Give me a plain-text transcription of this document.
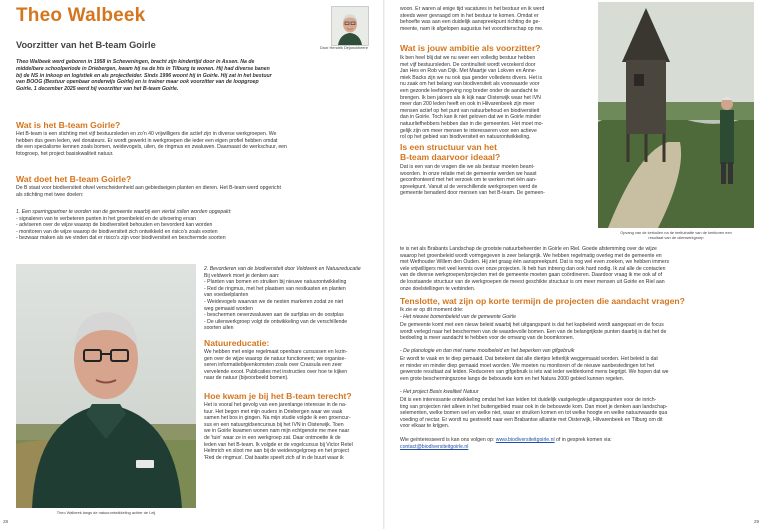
Theo Walbeek
Voorzitter van het B-team Goirle	Door Hendrik Dejonckheere
Theo Walbeek werd geboren in 1958 in Scheveningen, bracht zijn kindertijd door in Assen. Na de
middelbare schoolperiode in Driebergen, kwam hij na de hts in Tilburg te wonen. Hij had diverse banen
bij de NS in inkoop en logistiek en als projectleider. Sinds 1996 woont hij in Goirle. Hij zat in het bestuur
van BOOG (Bestuur openbaar onderwijs Goirle) en is trainer maar ook voorzitter van de loopgroep
Goirle. 1 december 2025 werd hij voorzitter van het B-team Goirle.
Wat is het B-team Goirle?
Het B-team is een stichting met vijf bestuursleden en zo'n 40 vrijwilligers die actief zijn in diverse werkgroepen. We
hebben dus geen leden, wel donateurs. Er wordt gewerkt in werkgroepen die ieder een eigen profiel hebben omdat
die een specialisme kennen zoals bomen, weidevogels, uilen, de ringmus en zwaluwen. Daarnaast de werkschuur, een
fotogroep, het project basiskwaliteit natuur.
Wat doet het B-team Goirle?
De B staat voor biodiversiteit ofwel verscheidenheid aan gebiedseigen planten en dieren. Het B-team werd opgericht
als stichting met twee doelen:
1. Een sparringpartner te worden van de gemeente waarbij een viertal rollen worden opgepakt:
- signaleren van te verbeteren punten in het groenbeleid en de uitvoering ervan
- adviseren over de wijze waarop de biodiversiteit behouden en bevorderd kan worden
- monitoren van de wijze waarop de biodiversiteit zich ontwikkeld en risico's zoals exoten
- bezwaar maken als we vinden dat er risico's zijn voor biodiversiteit en beschermde soorten
Theo Walbeek langs de natuurontwikkeling achter de Leij
2. Bevorderen van de biodiversiteit door Veldwerk en Natuureducatie
Bij veldwerk moet je denken aan:
- Planten van bomen en struiken bij nieuwe natuurontwikkeling
- Red de ringmus, met het plaatsen van nestkasten en planten
van voedselplanten
- Weidevogels waarvan we de nesten markeren zodat ze niet
weg gemaaid worden
- beschermen oeverzwaluwen aan de surfplas en de oostplas
- De uilenwerkgroep volgt de ontwikkeling van de verschillende
soorten uilen
Natuureducatie:
We hebben met enige regelmaat openbare cursussen en lezin-
gen over de wijze waarop de natuur functioneert; we organise-
seren informatiebijeenkomsten zoals over Crassula een zeer
vervelende exoot. Publicaties met instructies over hoe te kijken
naar de natuur (bijvoorbeeld bomen).
Hoe kwam je bij het B-team terecht?
Het is vooral het gevolg van een jarenlange interesse in de na-
tuur. Het begon met mijn ouders in Driebergen waar we vaak
samen het bos in gingen. Na mijn studie volgde ik een groencur-
sus en een natuurgidsencursus bij het IVN in Oisterwijk. Toen
we in Goirle kwamen wonen nam mijn echtgenote me mee naar
de 'tuin' waar ze in een werkgroep zat. Daar ontmoette ik de
leden van het B-team. Ik volgde er de vogelcursus bij Victor Retel
Helmrich en sloot me aan bij de weidevogelgroep en het project
'Red de ringmus'. Dat baatte speelt zich af in de buurt waar ik
28
woon. Er waren al enige tijd vacatures in het bestuur en ik werd
steeds weer gevraagd om in het bestuur te komen. Omdat er
behoefte was aan een duidelijk aanspreekpunt richting de ge-
meente, nam ik afgelopen augustus het voorzitterschap op me.
Wat is jouw ambitie als voorzitter?
Ik ben heel blij dat we nu weer een volledig bestuur hebben
met vijf bestuursleden. De continuïteit wordt verzekerd door
Jan Hes en Rob van Dijk. Met Maartje van Lokven en Anne-
miek Backs zijn we nu ook qua gender volledens divers. Het is
nu zaak om het belang van biodiversiteit als voorwaarde voor
een gezonde leefomgeving nog breder onder de aandacht te
brengen. Ik ben jaloers als ik kijk naar Oisterwijk waar het IVN
meer dan 200 leden heeft en ook in Hilvarenbeek zijn meer
mensen actief op het punt van natuurbehoud en biodiversiteit
dan in Goirle. Toch kan ik niet geloven dat we in Goirle minder
natuurliefhebbers hebben dan in die gemeenten. Het moet mo-
gelijk zijn om meer mensen te interesseren voor een actieve
rol op het gebied van biodiversiteit en natuurontwikkeling.
Is een structuur van het
B-team daarvoor ideaal?
Dat is een van de vragen die we als bestuur moeten beant-
woorden. In onze relatie met de gemeente werden we haast
geconfronteerd met het verzoek om te werken met één aan-
spreekpunt. Vanuit al de verschillende werkgroepen werd de
gemeente benaderd door mensen van het B-team. De gemeen-
Opvang van de kerkuilen na de teeltuinafte van de kerktoren een
resultaat van de uilenwerkgroep
te is net als Brabants Landschap de grootste natuurbeheerder in Goirle en Riel. Goede afstemming over de wijze
waarop het groenbeleid wordt vormgegeven is zeer belangrijk. We hebben regelmatig overleg met de gemeente en
met Wethouder Willem den Ouden. Hij ziet graag één aanspreekpunt. Dat is nog wel even zoeken, we hebben immers
vele vrijwilligers met veel kennis over onze projecten. Ik heb hun inbreng dan ook hard nodig. Ik zal alle de contacten
van de diverse werkgroepen/projecten met de gemeente moeten gaan coördineren. Daardoor vraag ik me ook af of
de losstaande structuur van de werkgroepen de meest geschikte structuur is om meer mensen uit Goirle en Riel aan
onze doelstellingen te verbinden.
Tenslotte, wat zijn op korte termijn de projecten die aandacht vragen?
Ik zie er op dit moment drie:
- Het nieuwe bomenbeleid van de gemeente Goirle
De gemeente komt met een nieuw beleid waarbij het uitgangspunt is dat het kapbeleid wordt aangepast en de focus
wordt verlegd naar het beschermen van de waardevolle bomen. Een van de belangrijkste punten daarbij is dat het de
bedoeling is meer aandacht te hebben voor de omvang van de boomkronen.
- De planologie en dan met name mooibeleid en het beperken van gifgebruik
Er wordt te vaak en te diep gemaaid. Dat betekent dat alle diertjes letterlijk weggemaaid worden. Het beleid is dat
er minder en minder diep gemaaid moet worden. We moeten nu monitoren of de nieuwe aanbestedingen tot het
gewenste resultaat zal leiden. Reduceren van gifgebruik is iets wat ieder weldenkend mens begrijpt. We hopen dat we
een grote beschermingszone langs de bebouwde kom en het Natura 2000 gebied kunnen regelen.
- Het project Basis kwaliteit Natuur
Dit is een interessante ontwikkeling omdat het kan leiden tot duidelijk vastgelegde uitgangspunten voor de inrich-
ting van projecten niet alleen in het buitengebied maar ook in de bebouwde kom. Dan moet je denken aan landschap-
selementen, welke bomen wel en welke niet, waar er struiken komen en tot welke hoogte en welke natuurwaarde qua
voeding of nectar. Er wordt nu gestreefd naar een Brabantse alliantie met Oisterwijk, Hilvarenbeek en Tilburg om dit
voor elkaar te krijgen.
Wie geïnteresseerd is kan ons volgen op: www.biodiversiteitgoirle.nl of in gesprek komen via:
contact@biodiversiteitgoirle.nl
29
